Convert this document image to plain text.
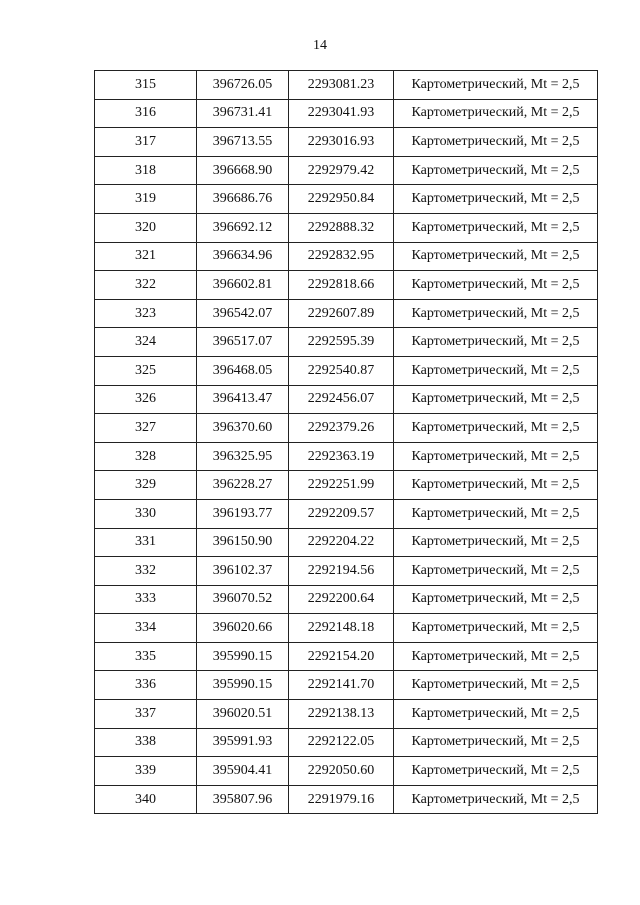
14
315	396726.05	2293081.23	Картометрический, Mt = 2,5
316	396731.41	2293041.93	Картометрический, Mt = 2,5
317	396713.55	2293016.93	Картометрический, Mt = 2,5
318	396668.90	2292979.42	Картометрический, Mt = 2,5
319	396686.76	2292950.84	Картометрический, Mt = 2,5
320	396692.12	2292888.32	Картометрический, Mt = 2,5
321	396634.96	2292832.95	Картометрический, Mt = 2,5
322	396602.81	2292818.66	Картометрический, Mt = 2,5
323	396542.07	2292607.89	Картометрический, Mt = 2,5
324	396517.07	2292595.39	Картометрический, Mt = 2,5
325	396468.05	2292540.87	Картометрический, Mt = 2,5
326	396413.47	2292456.07	Картометрический, Mt = 2,5
327	396370.60	2292379.26	Картометрический, Mt = 2,5
328	396325.95	2292363.19	Картометрический, Mt = 2,5
329	396228.27	2292251.99	Картометрический, Mt = 2,5
330	396193.77	2292209.57	Картометрический, Mt = 2,5
331	396150.90	2292204.22	Картометрический, Mt = 2,5
332	396102.37	2292194.56	Картометрический, Mt = 2,5
333	396070.52	2292200.64	Картометрический, Mt = 2,5
334	396020.66	2292148.18	Картометрический, Mt = 2,5
335	395990.15	2292154.20	Картометрический, Mt = 2,5
336	395990.15	2292141.70	Картометрический, Mt = 2,5
337	396020.51	2292138.13	Картометрический, Mt = 2,5
338	395991.93	2292122.05	Картометрический, Mt = 2,5
339	395904.41	2292050.60	Картометрический, Mt = 2,5
340	395807.96	2291979.16	Картометрический, Mt = 2,5
